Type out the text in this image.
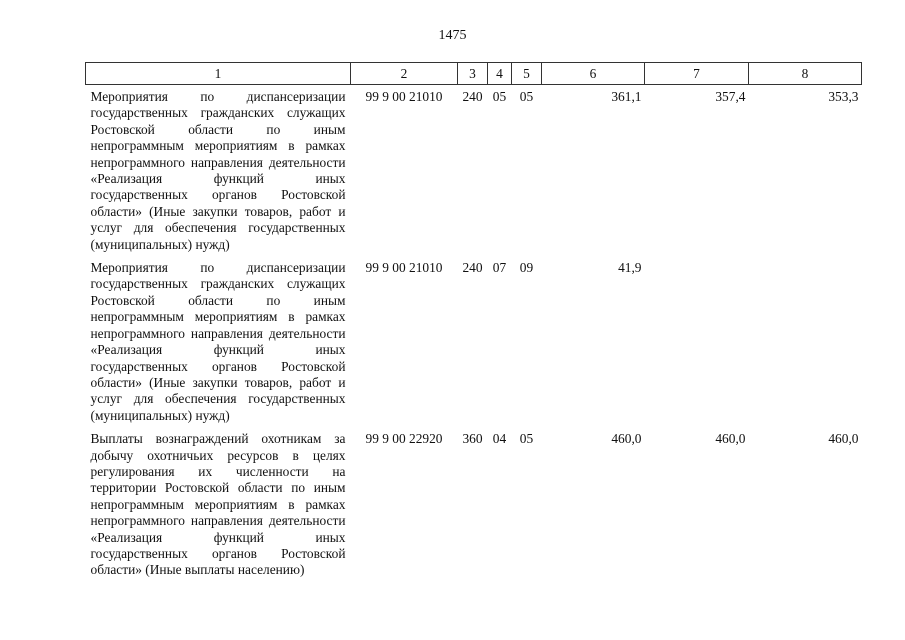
1475
1	2	3	4	5	6	7	8
Мероприятия по диспансеризации государственных гражданских служащих Ростовской области по иным непрограммным мероприятиям в рамках непрограммного направления деятельности «Реализация функций иных государственных органов Ростовской области» (Иные закупки товаров, работ и услуг для обеспечения государственных (муниципальных) нужд)	99 9 00 21010	240	05	05	361,1	357,4	353,3
Мероприятия по диспансеризации государственных гражданских служащих Ростовской области по иным непрограммным мероприятиям в рамках непрограммного направления деятельности «Реализация функций иных государственных органов Ростовской области» (Иные закупки товаров, работ и услуг для обеспечения государственных (муниципальных) нужд)	99 9 00 21010	240	07	09	41,9		
Выплаты вознаграждений охотникам за добычу охотничьих ресурсов в целях регулирования их численности на территории Ростовской области по иным непрограммным мероприятиям в рамках непрограммного направления деятельности «Реализация функций иных государственных органов Ростовской области» (Иные выплаты населению)	99 9 00 22920	360	04	05	460,0	460,0	460,0
